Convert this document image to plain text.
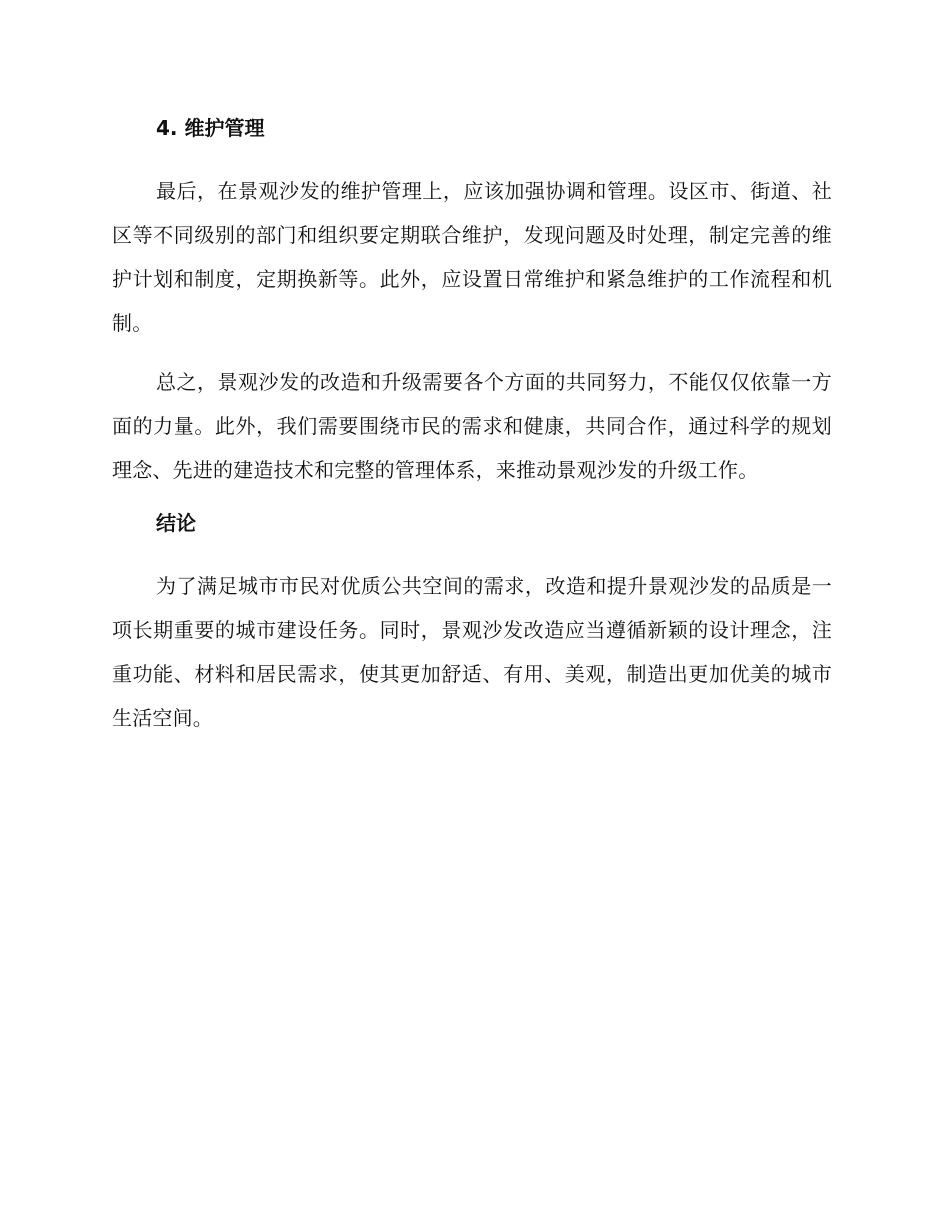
4. 维护管理

最后，在景观沙发的维护管理上，应该加强协调和管理。设区市、街道、社区等不同级别的部门和组织要定期联合维护，发现问题及时处理，制定完善的维护计划和制度，定期换新等。此外，应设置日常维护和紧急维护的工作流程和机制。

总之，景观沙发的改造和升级需要各个方面的共同努力，不能仅仅依靠一方面的力量。此外，我们需要围绕市民的需求和健康，共同合作，通过科学的规划理念、先进的建造技术和完整的管理体系，来推动景观沙发的升级工作。

结论

为了满足城市市民对优质公共空间的需求，改造和提升景观沙发的品质是一项长期重要的城市建设任务。同时，景观沙发改造应当遵循新颖的设计理念，注重功能、材料和居民需求，使其更加舒适、有用、美观，制造出更加优美的城市生活空间。
